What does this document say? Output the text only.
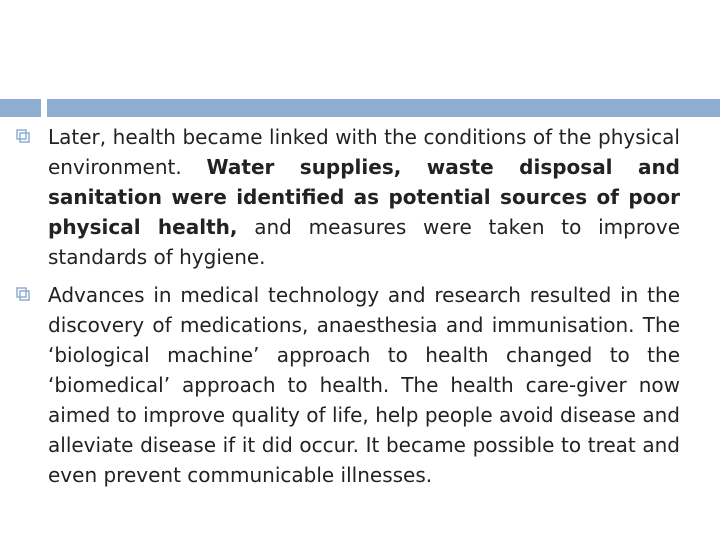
Later, health became linked with the conditions of the physical environment. Water supplies, waste disposal and sanitation were identified as potential sources of poor physical health, and measures were taken to improve standards of hygiene.
Advances in medical technology and research resulted in the discovery of medications, anaesthesia and immunisation. The ‘biological machine’ approach to health changed to the ‘biomedical’ approach to health. The health care-giver now aimed to improve quality of life, help people avoid disease and alleviate disease if it did occur. It became possible to treat and even prevent communicable illnesses.
